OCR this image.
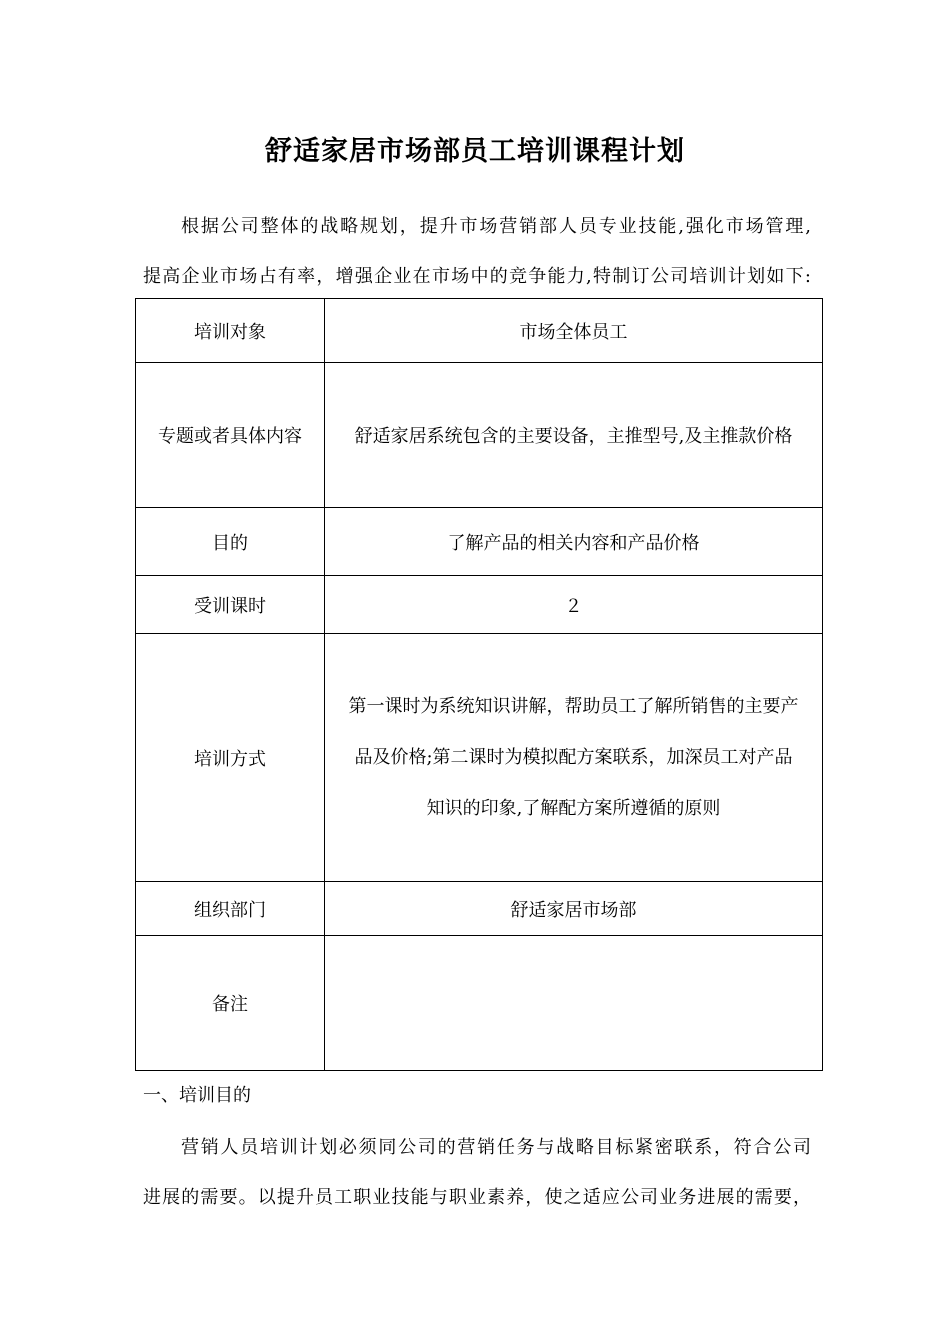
舒适家居市场部员工培训课程计划
根据公司整体的战略规划，提升市场营销部人员专业技能,强化市场管理,
提高企业市场占有率，增强企业在市场中的竞争能力,特制订公司培训计划如下:
培训对象	市场全体员工
专题或者具体内容	舒适家居系统包含的主要设备，主推型号,及主推款价格
目的	了解产品的相关内容和产品价格
受训课时	２
培训方式	第一课时为系统知识讲解，帮助员工了解所销售的主要产
品及价格;第二课时为模拟配方案联系，加深员工对产品
知识的印象,了解配方案所遵循的原则

组织部门	舒适家居市场部
备注	
一、培训目的
营销人员培训计划必须同公司的营销任务与战略目标紧密联系，符合公司
进展的需要。以提升员工职业技能与职业素养，使之适应公司业务进展的需要，
